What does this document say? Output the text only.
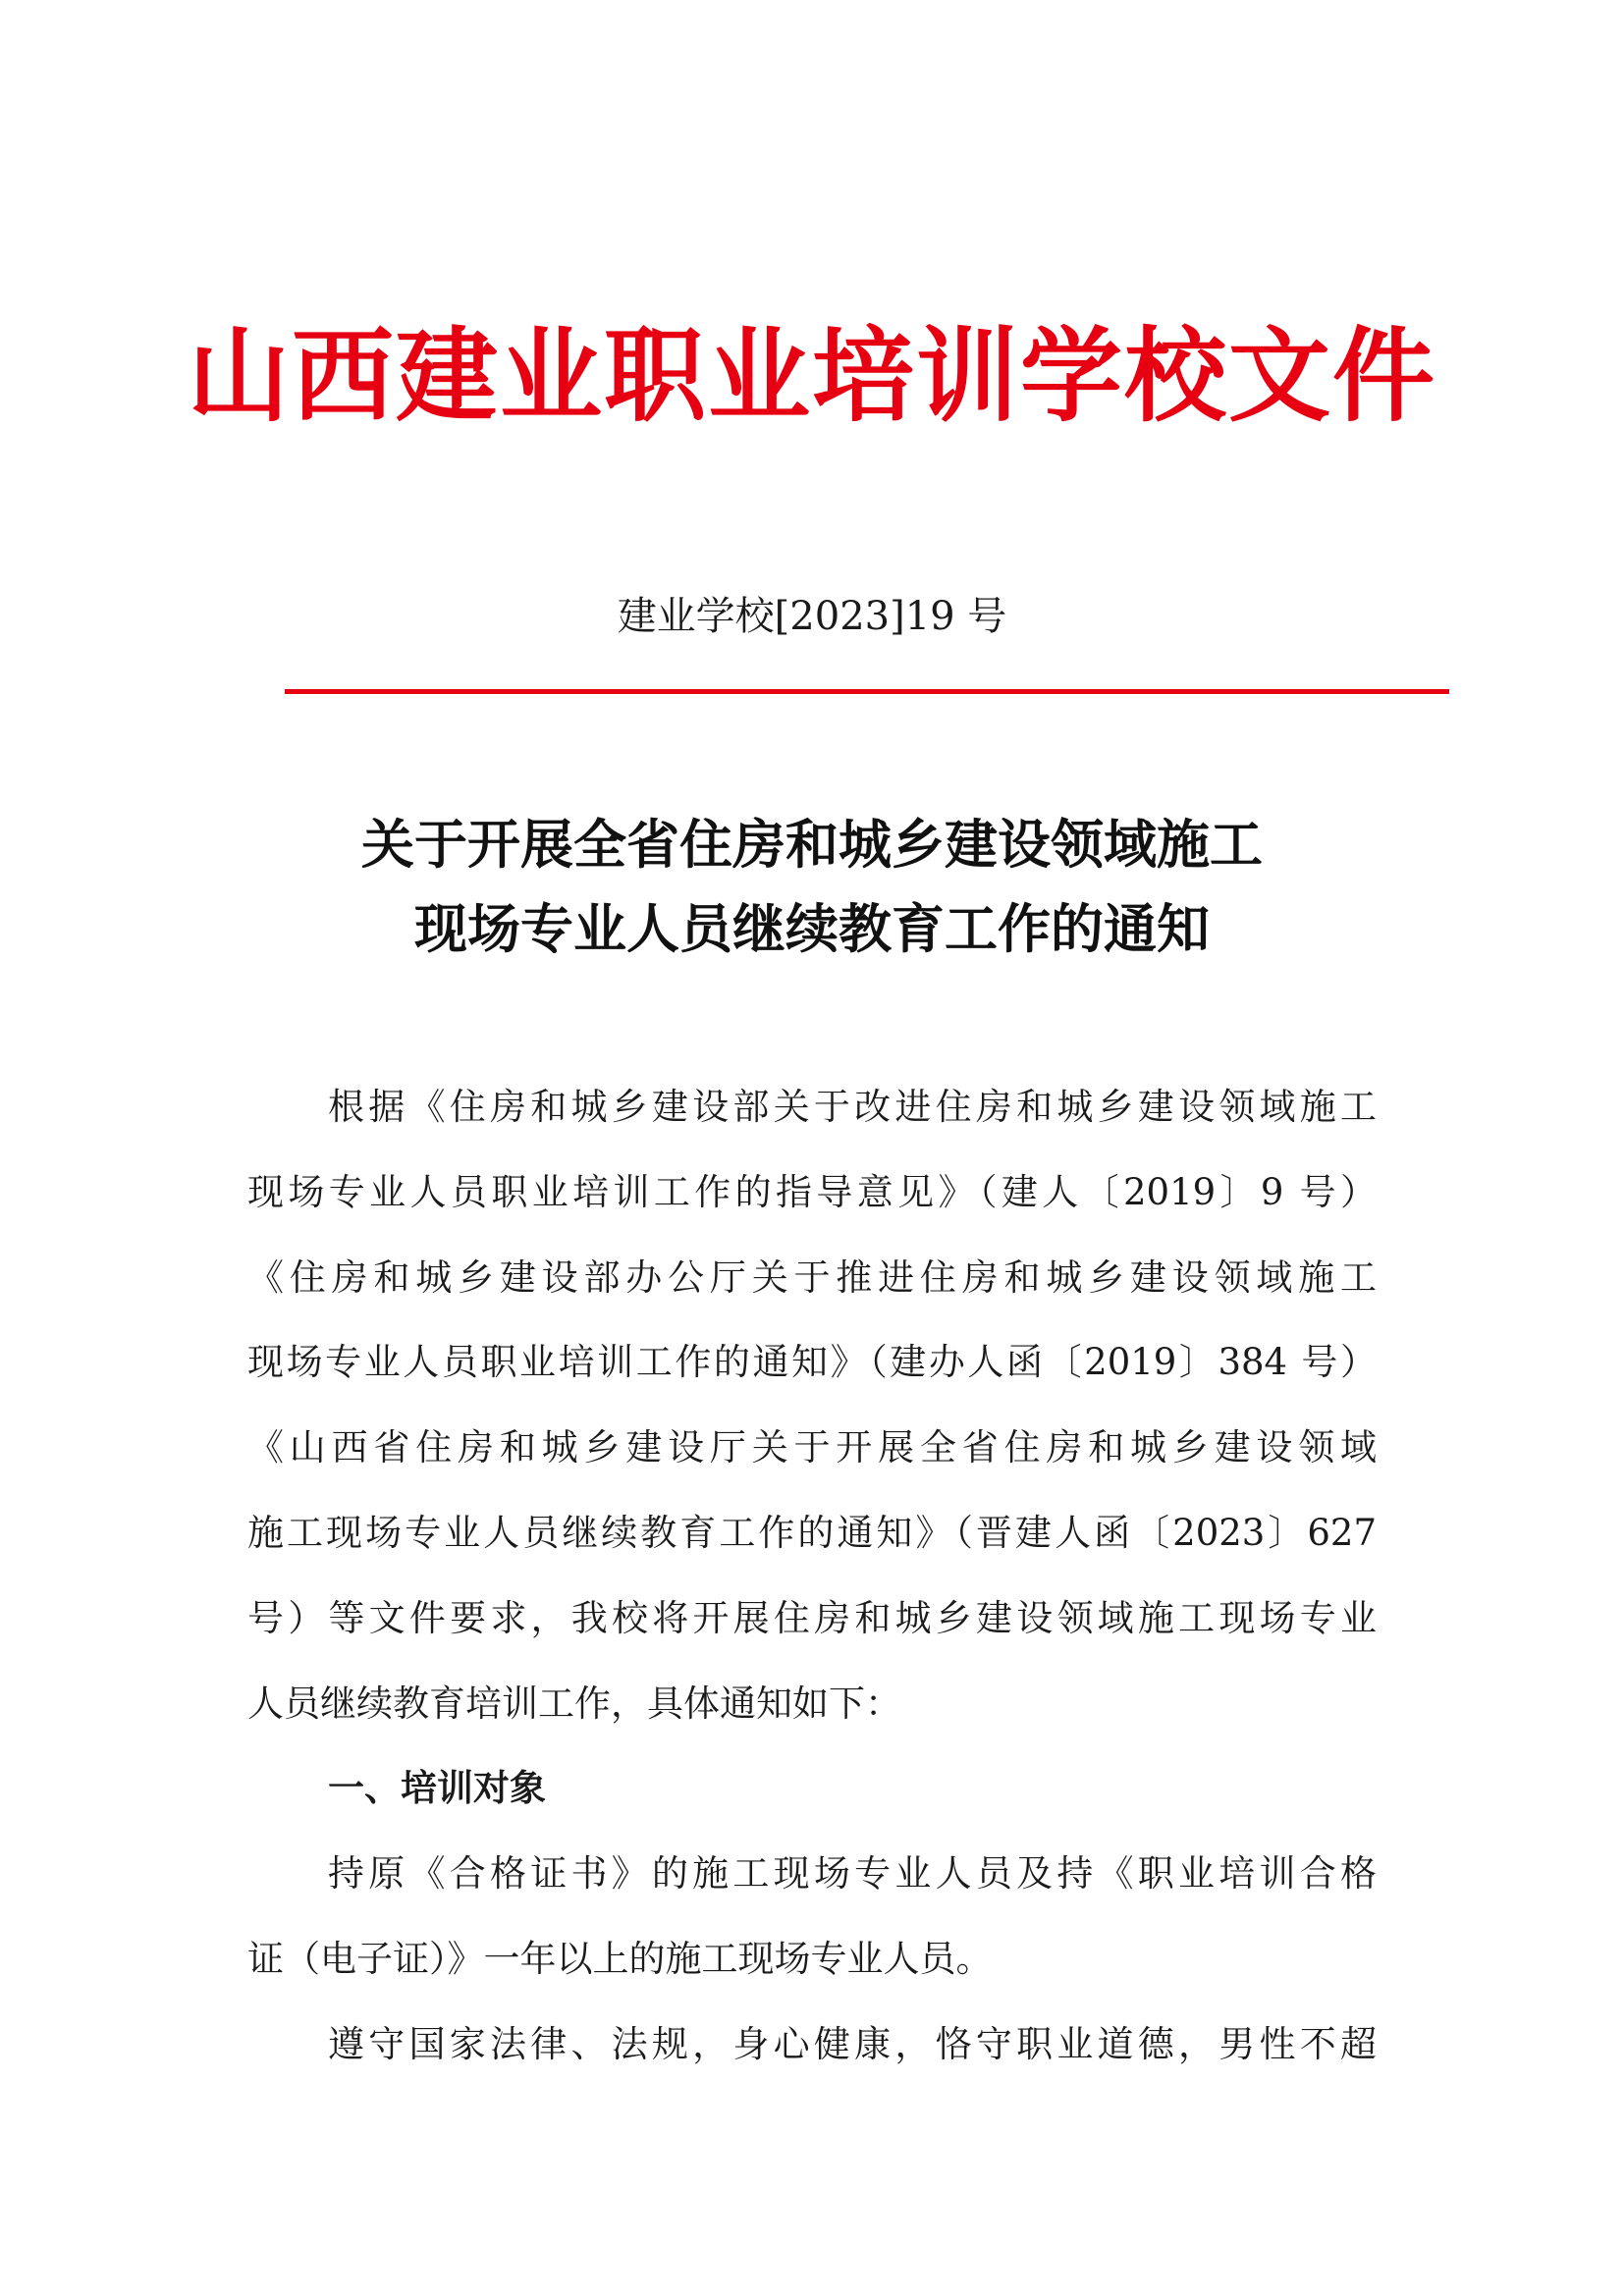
山西建业职业培训学校文件
建业学校[2023]19 号
关于开展全省住房和城乡建设领域施工
现场专业人员继续教育工作的通知
根据《住房和城乡建设部关于改进住房和城乡建设领域施工
现场专业人员职业培训工作的指导意见》（建人〔2019〕9 号）
《住房和城乡建设部办公厅关于推进住房和城乡建设领域施工
现场专业人员职业培训工作的通知》（建办人函〔2019〕384 号）
《山西省住房和城乡建设厅关于开展全省住房和城乡建设领域
施工现场专业人员继续教育工作的通知》（晋建人函〔2023〕627
号）等文件要求，我校将开展住房和城乡建设领域施工现场专业
人员继续教育培训工作，具体通知如下：
一、培训对象
持原《合格证书》的施工现场专业人员及持《职业培训合格
证（电子证）》一年以上的施工现场专业人员。
遵守国家法律、法规，身心健康，恪守职业道德，男性不超
